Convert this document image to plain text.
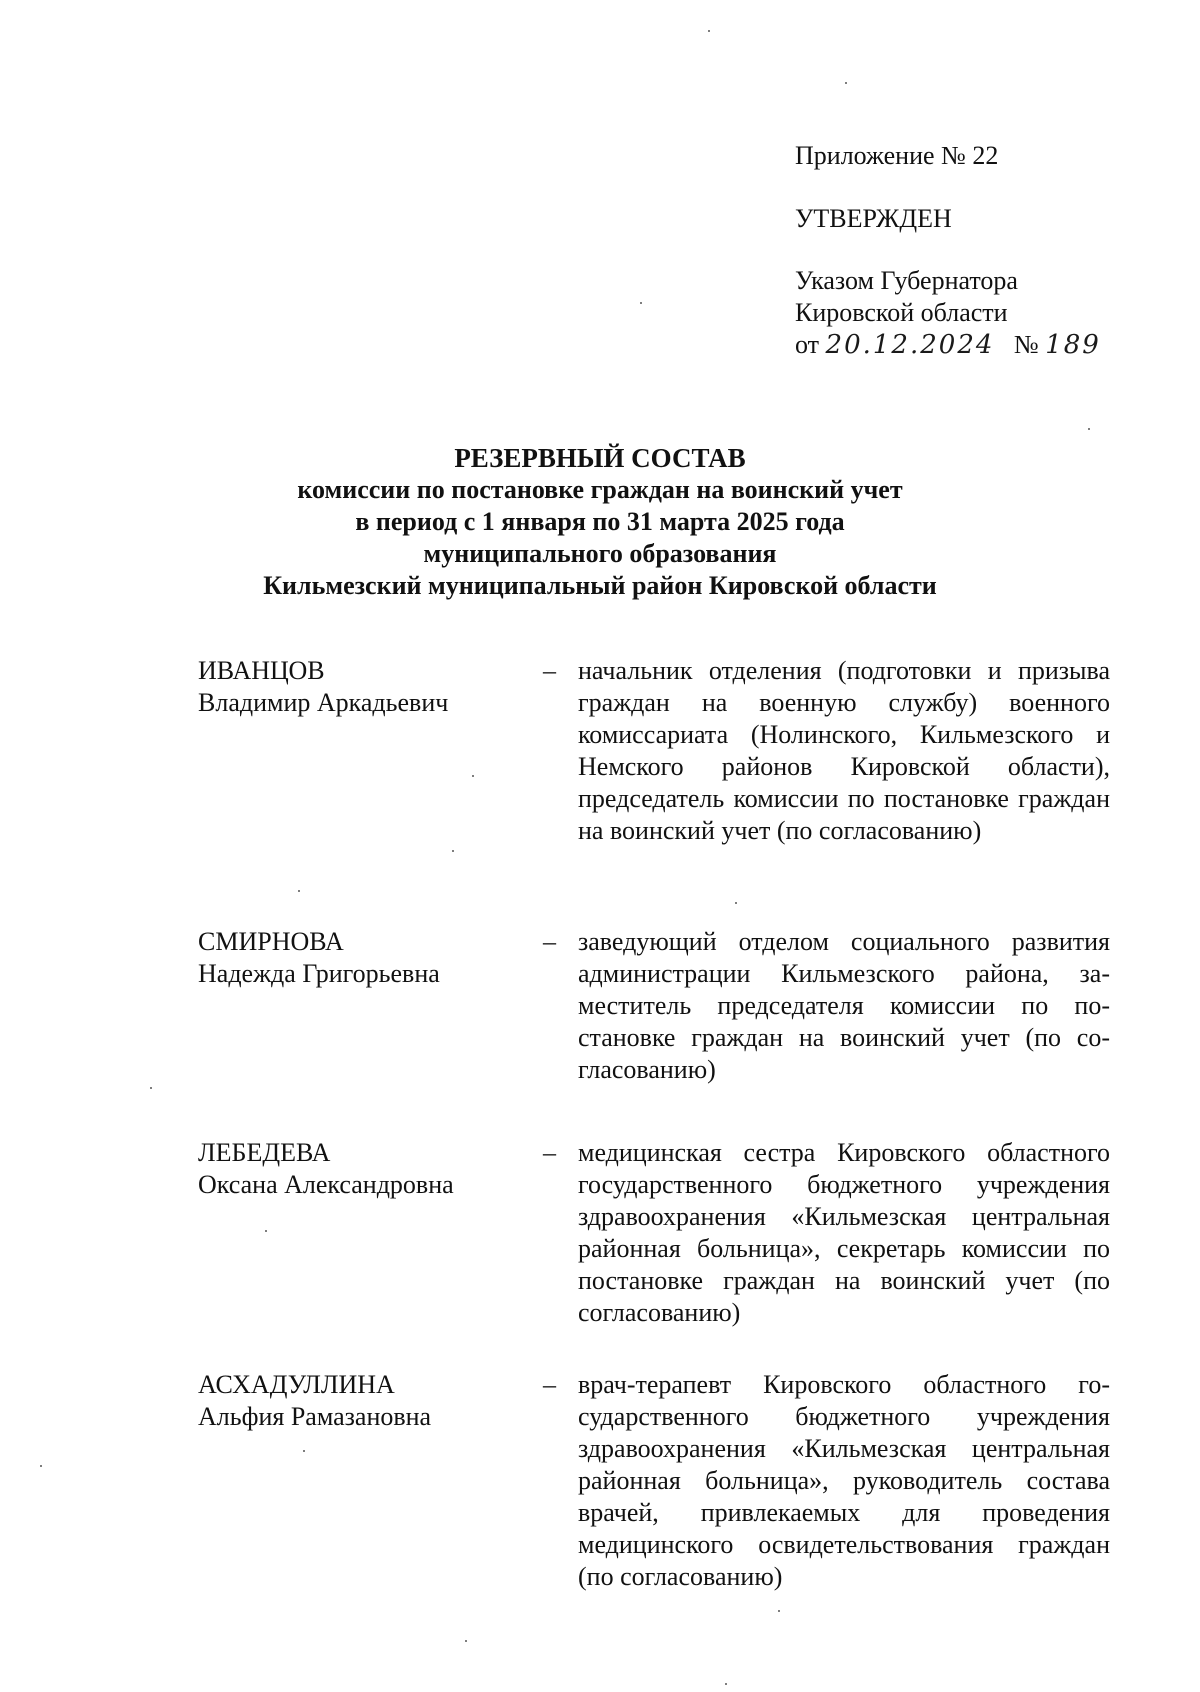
Приложение № 22
УТВЕРЖДЕН
Указом Губернатора
Кировской области
от 20.12.2024 № 189
РЕЗЕРВНЫЙ СОСТАВ
комиссии по постановке граждан на воинский учет
в период с 1 января по 31 марта 2025 года
муниципального образования
Кильмезский муниципальный район Кировской области
ИВАНЦОВ
Владимир Аркадьевич
– начальник отделения (подготовки и призыва граждан на военную службу) военного комиссариата (Нолинского, Кильмезского и Немского районов Кировской области), председатель комиссии по постановке граждан на воинский учет (по согласованию)
СМИРНОВА
Надежда Григорьевна
– заведующий отделом социального развития администрации Кильмезского района, заместитель председателя комиссии по постановке граждан на воинский учет (по согласованию)
ЛЕБЕДЕВА
Оксана Александровна
– медицинская сестра Кировского областного государственного бюджетного учреждения здравоохранения «Кильмезская центральная районная больница», секретарь комиссии по постановке граждан на воинский учет (по согласованию)
АСХАДУЛЛИНА
Альфия Рамазановна
– врач-терапевт Кировского областного государственного бюджетного учреждения здравоохранения «Кильмезская центральная районная больница», руководитель состава врачей, привлекаемых для проведения медицинского освидетельствования граждан (по согласованию)
